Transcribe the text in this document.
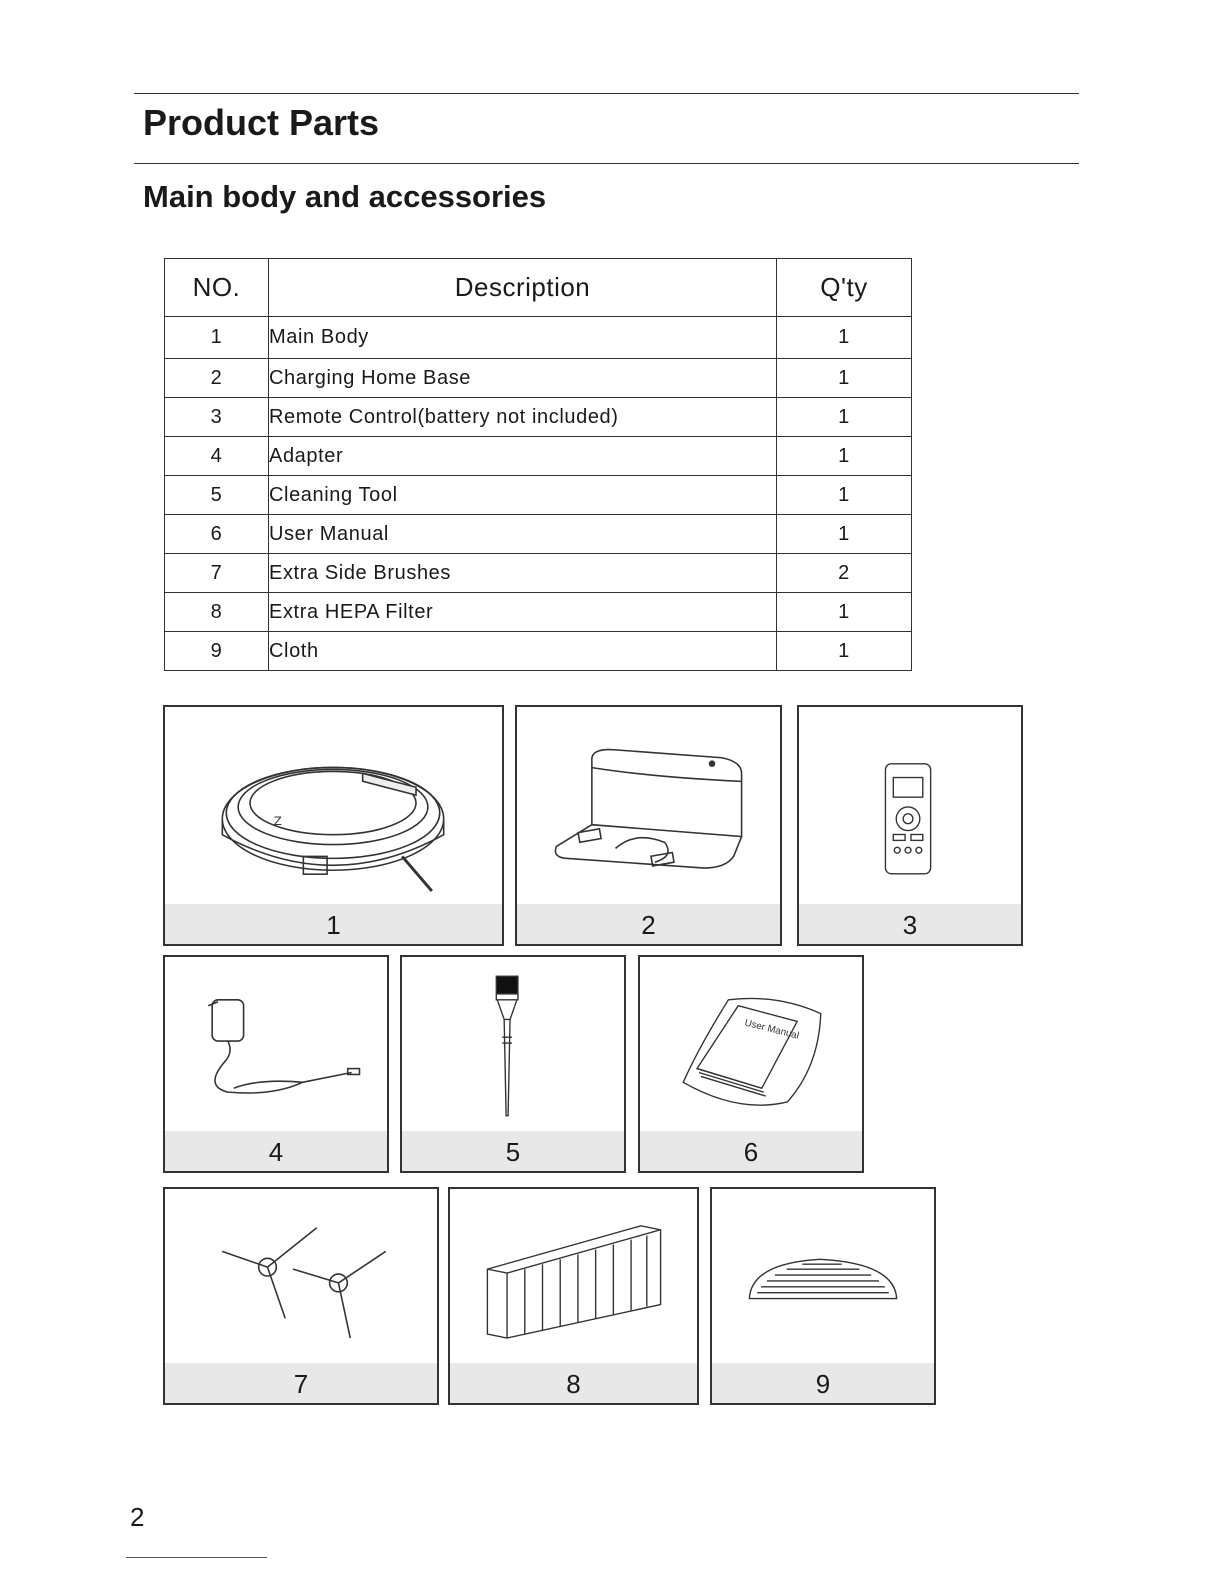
Product Parts
Main body and accessories
NO.	Description	Q'ty
1	Main Body	1
2	Charging Home Base	1
3	Remote Control(battery not included)	1
4	Adapter	1
5	Cleaning Tool	1
6	User Manual	1
7	Extra Side Brushes	2
8	Extra HEPA Filter	1
9	Cloth	1
Z
1	2	3
4	5
User Manual
6
7	8	9
2
